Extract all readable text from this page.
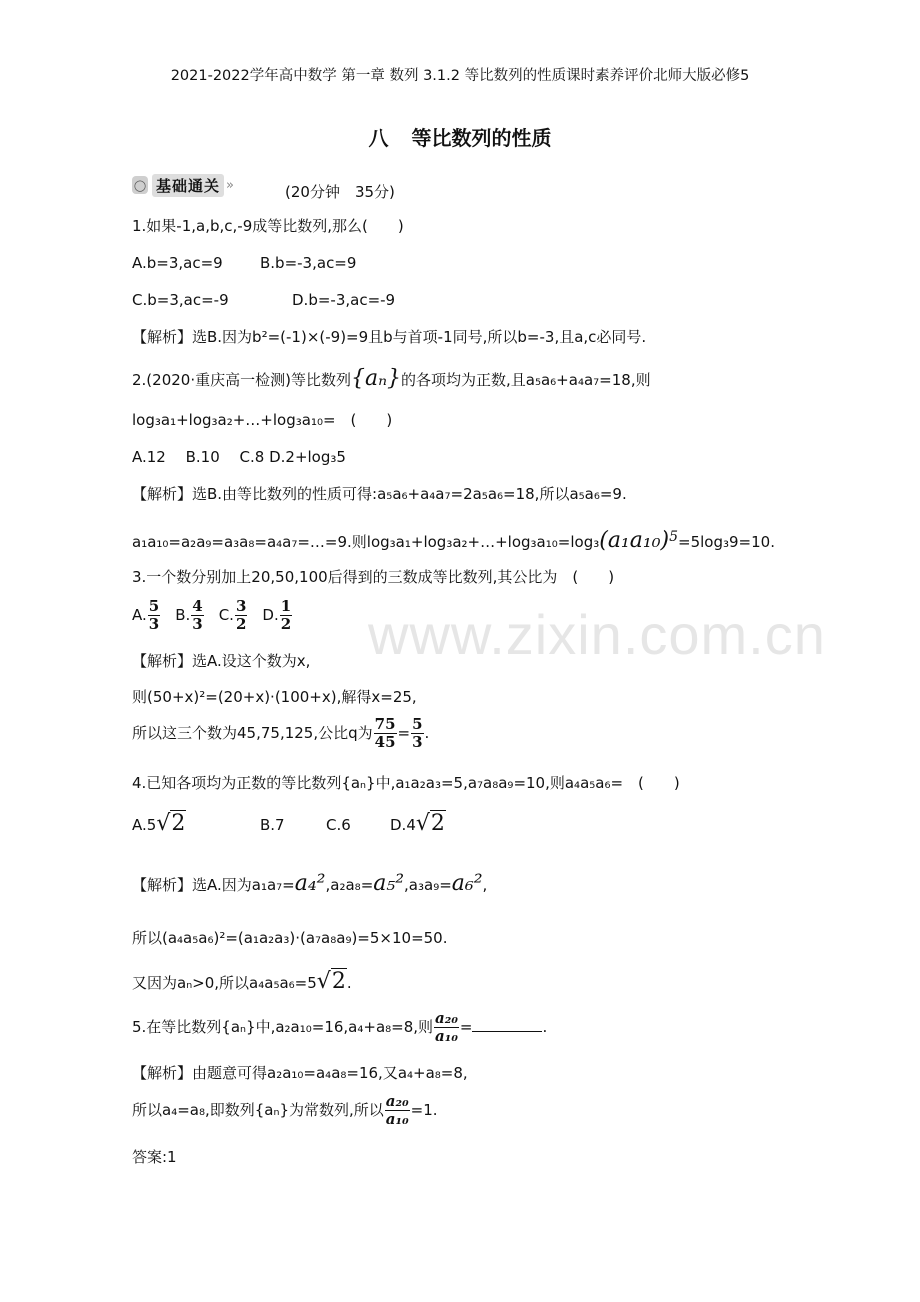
2021-2022学年高中数学 第一章 数列 3.1.2 等比数列的性质课时素养评价北师大版必修5
八 等比数列的性质
◯ 基础通关 »	(20分钟　35分)
www.zixin.com.cn
1.如果-1,a,b,c,-9成等比数列,那么(　　)
A.b=3,ac=9 B.b=-3,ac=9
C.b=3,ac=-9	D.b=-3,ac=-9
【解析】选B.因为b²=(-1)×(-9)=9且b与首项-1同号,所以b=-3,且a,c必同号.
2.(2020·重庆高一检测)等比数列{aₙ}的各项均为正数,且a₅a₆+a₄a₇=18,则
log₃a₁+log₃a₂+…+log₃a₁₀=　(　　)
A.12　 B.10　 C.8 D.2+log₃5
【解析】选B.由等比数列的性质可得:a₅a₆+a₄a₇=2a₅a₆=18,所以a₅a₆=9.
a₁a₁₀=a₂a₉=a₃a₈=a₄a₇=…=9.则$\log_3a_1+\log_3a_2+\dots+\log_3a_{10}=\log_3(a_1a_{10})^5=5\log_39=10$.
3.一个数分别加上20,50,100后得到的三数成等比数列,其公比为　(　　)
A. $\frac{5}{3} B$. $\frac{4}{3} C$. $\frac{3}{2} D$. $\frac{1}{2}$
【解析】选A.设这个数为x,
则(50+x)²=(20+x)·(100+x),解得x=25,
所以这三个数为45,75,125,公比q为 $\frac{75}{45} = \frac{5}{3}$ .
4.已知各项均为正数的等比数列{aₙ}中,a₁a₂a₃=5,a₇a₈a₉=10,则a₄a₅a₆=　(　　)
A.5√2	B.7	C.6	D.4√2
【解析】选A.因为a₁a₇=a₄²,a₂a₈=a₅²,a₃a₉=a₆²,
所以(a₄a₅a₆)²=(a₁a₂a₃)·(a₇a₈a₉)=5×10=50.
又因为aₙ>0,所以a₄a₅a₆=5√2.
5.在等比数列{aₙ}中,a₂a₁₀=16,a₄+a₈=8,则 $\frac{\text{a₂₀}}{\text{a₁₀}}$ =	.
【解析】由题意可得a₂a₁₀=a₄a₈=16,又a₄+a₈=8,
所以a₄=a₈,即数列{aₙ}为常数列,所以 $\frac{\text{a₂₀}}{\text{a₁₀}} =1$.
答案:1
